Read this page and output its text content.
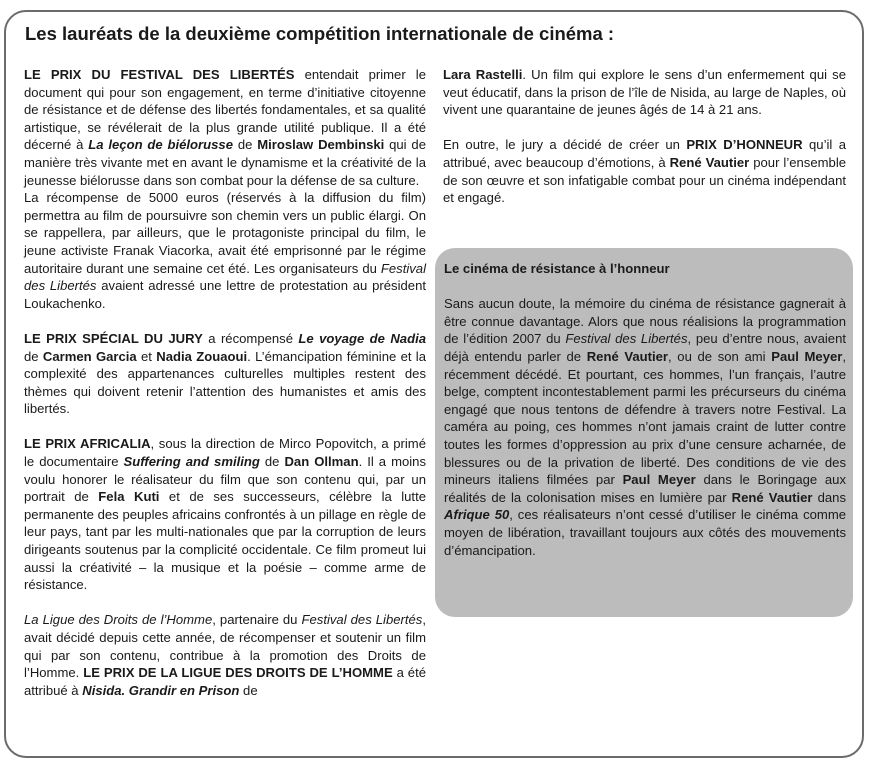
Les lauréats de la deuxième compétition internationale de cinéma :

LE PRIX DU FESTIVAL DES LIBERTÉS entendait primer le document qui pour son engagement, en terme d’initiative citoyenne de résistance et de défense des libertés fondamentales, et sa qualité artistique, se révélerait de la plus grande utilité publique. Il a été décerné à La leçon de biélorusse de Miroslaw Dembinski qui de manière très vivante met en avant le dynamisme et la créativité de la jeunesse biélorusse dans son combat pour la défense de sa culture.

La récompense de 5000 euros (réservés à la diffusion du film) permettra au film de poursuivre son chemin vers un public élargi. On se rappellera, par ailleurs, que le protagoniste principal du film, le jeune activiste Franak Viacorka, avait été emprisonné par le régime autoritaire durant une semaine cet été. Les organisateurs du Festival des Libertés avaient adressé une lettre de protestation au président Loukachenko.

LE PRIX SPÉCIAL DU JURY a récompensé Le voyage de Nadia de Carmen Garcia et Nadia Zouaoui. L’émancipation féminine et la complexité des appartenances culturelles multiples restent des thèmes qui doivent retenir l’attention des humanistes et amis des libertés.

LE PRIX AFRICALIA, sous la direction de Mirco Popovitch, a primé le documentaire Suffering and smiling de Dan Ollman. Il a moins voulu honorer le réalisateur du film que son contenu qui, par un portrait de Fela Kuti et de ses successeurs, célèbre la lutte permanente des peuples africains confrontés à un pillage en règle de leur pays, tant par les multi-nationales que par la corruption de leurs dirigeants soutenus par la complicité occidentale. Ce film promeut lui aussi la créativité – la musique et la poésie – comme arme de résistance.

La Ligue des Droits de l’Homme, partenaire du Festival des Libertés, avait décidé depuis cette année, de récompenser et soutenir un film qui par son contenu, contribue à la promotion des Droits de l’Homme. LE PRIX DE LA LIGUE DES DROITS DE L’HOMME a été attribué à Nisida. Grandir en Prison de

Lara Rastelli. Un film qui explore le sens d’un enfermement qui se veut éducatif, dans la prison de l’île de Nisida, au large de Naples, où vivent une quarantaine de jeunes âgés de 14 à 21 ans.

En outre, le jury a décidé de créer un PRIX D’HONNEUR qu’il a attribué, avec beaucoup d’émotions, à René Vautier pour l’ensemble de son œuvre et son infatigable combat pour un cinéma indépendant et engagé.

Le cinéma de résistance à l’honneur

Sans aucun doute, la mémoire du cinéma de résistance gagnerait à être connue davantage. Alors que nous réalisions la programmation de l’édition 2007 du Festival des Libertés, peu d’entre nous, avaient déjà entendu parler de René Vautier, ou de son ami Paul Meyer, récemment décédé. Et pourtant, ces hommes, l’un français, l’autre belge, comptent incontestablement parmi les précurseurs du cinéma engagé que nous tentons de défendre à travers notre Festival. La caméra au poing, ces hommes n’ont jamais craint de lutter contre toutes les formes d’oppression au prix d’une censure acharnée, de blessures ou de la privation de liberté. Des conditions de vie des mineurs italiens filmées par Paul Meyer dans le Boringage aux réalités de la colonisation mises en lumière par René Vautier dans Afrique 50, ces réalisateurs n’ont cessé d’utiliser le cinéma comme moyen de libération, travaillant toujours aux côtés des mouvements d’émancipation.
